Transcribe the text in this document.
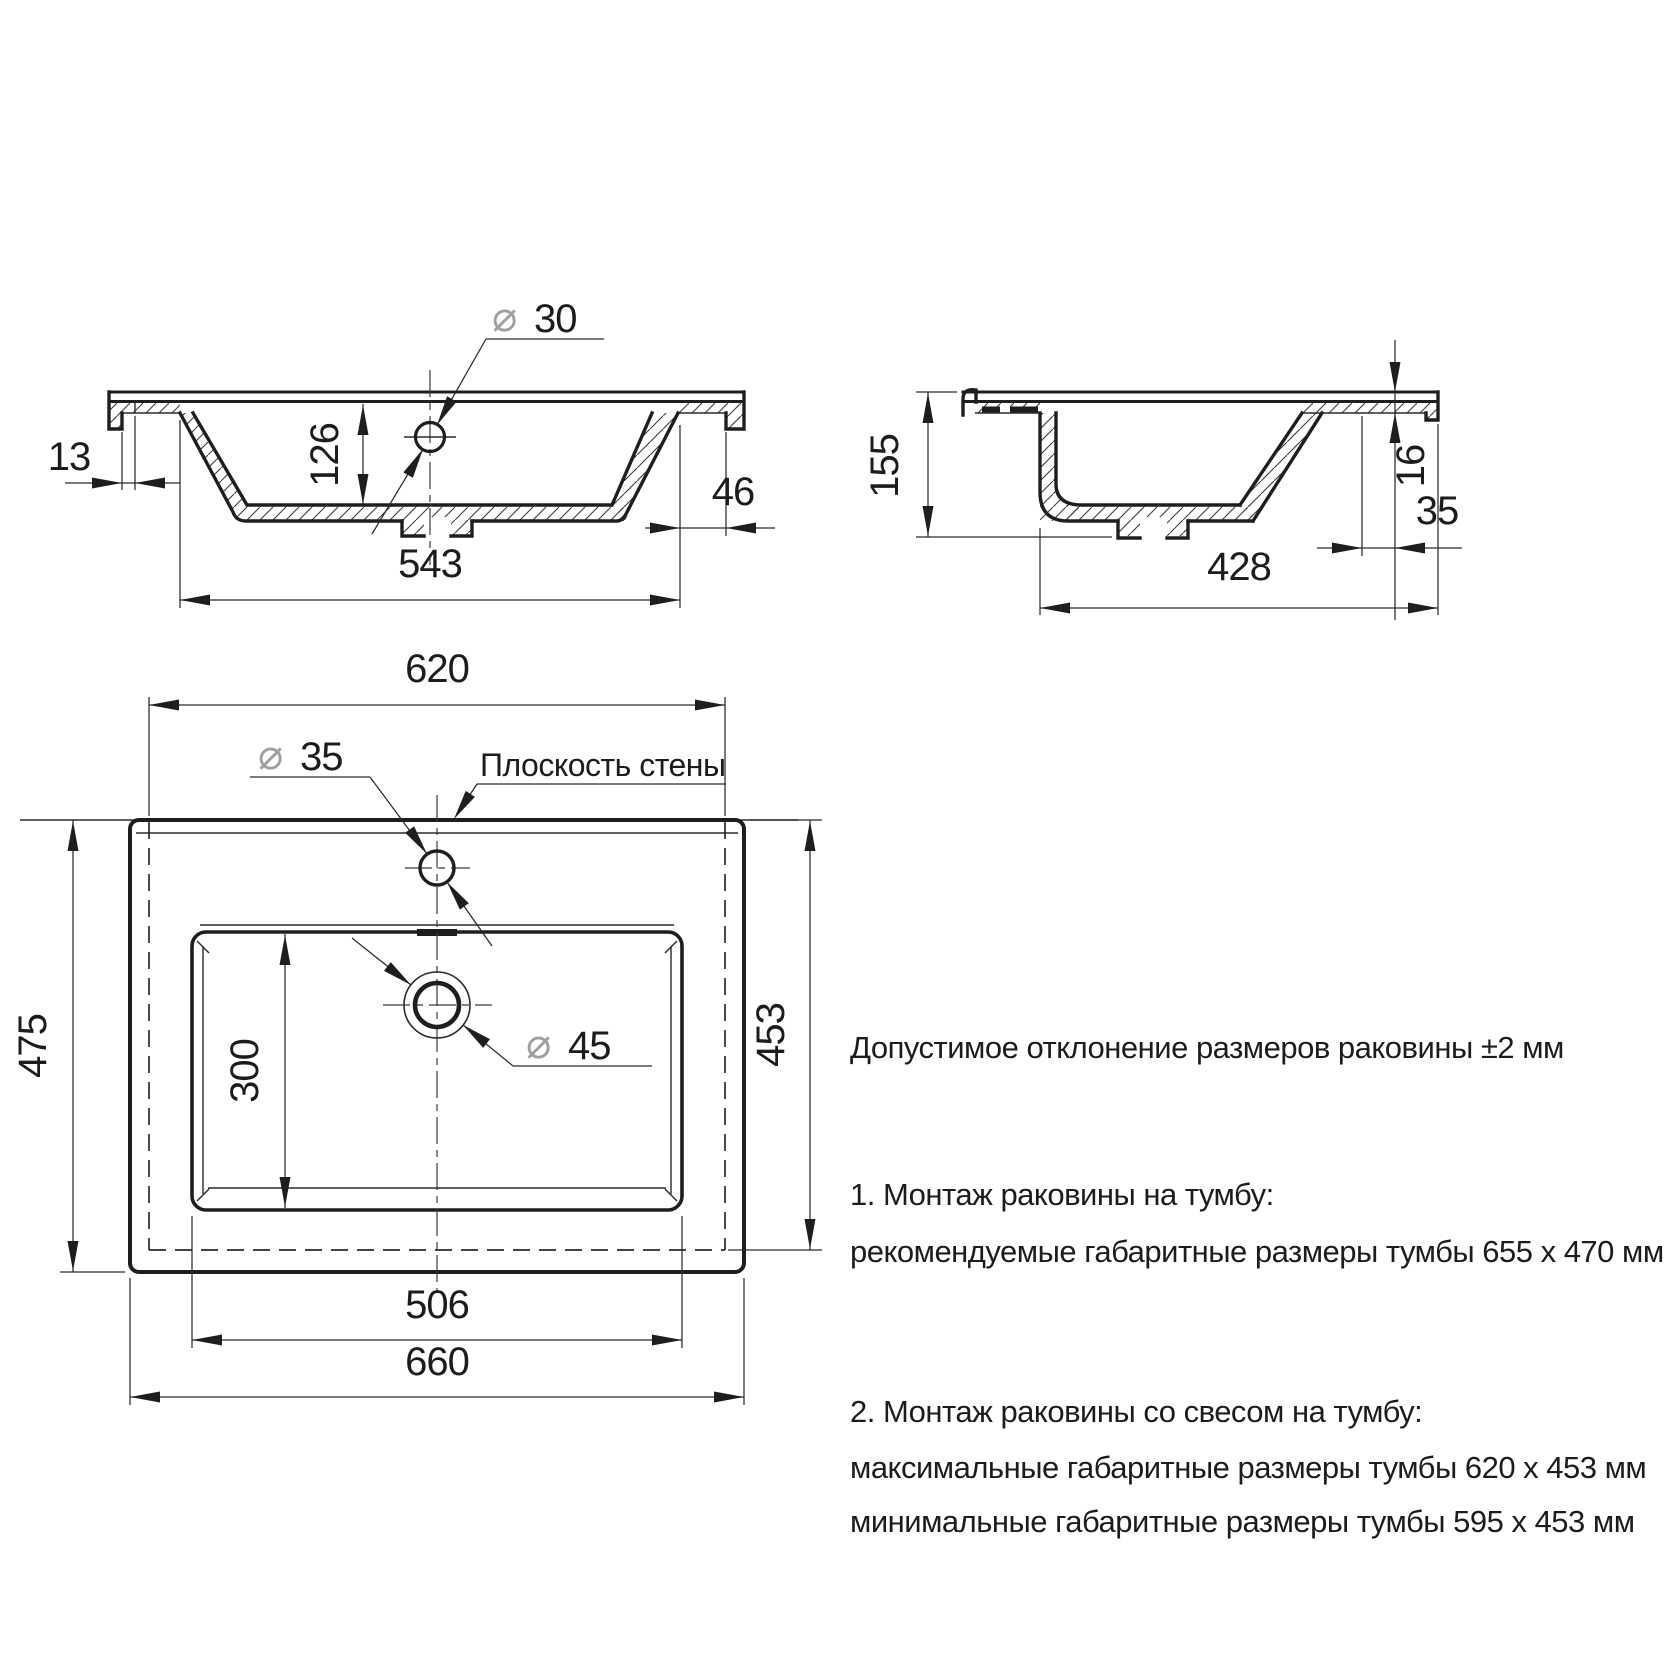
⌀ 30
126
13
543
46	155	16
35
428
⌀ 35	Плоскость стены
⌀ 45
300
620
475	453
506
660
Допустимое отклонение размеров раковины ±2 мм
1. Монтаж раковины на тумбу:
рекомендуемые габаритные размеры тумбы 655 x 470 мм
2. Монтаж раковины со свесом на тумбу:
максимальные габаритные размеры тумбы 620 x 453 мм
минимальные габаритные размеры тумбы 595 x 453 мм
